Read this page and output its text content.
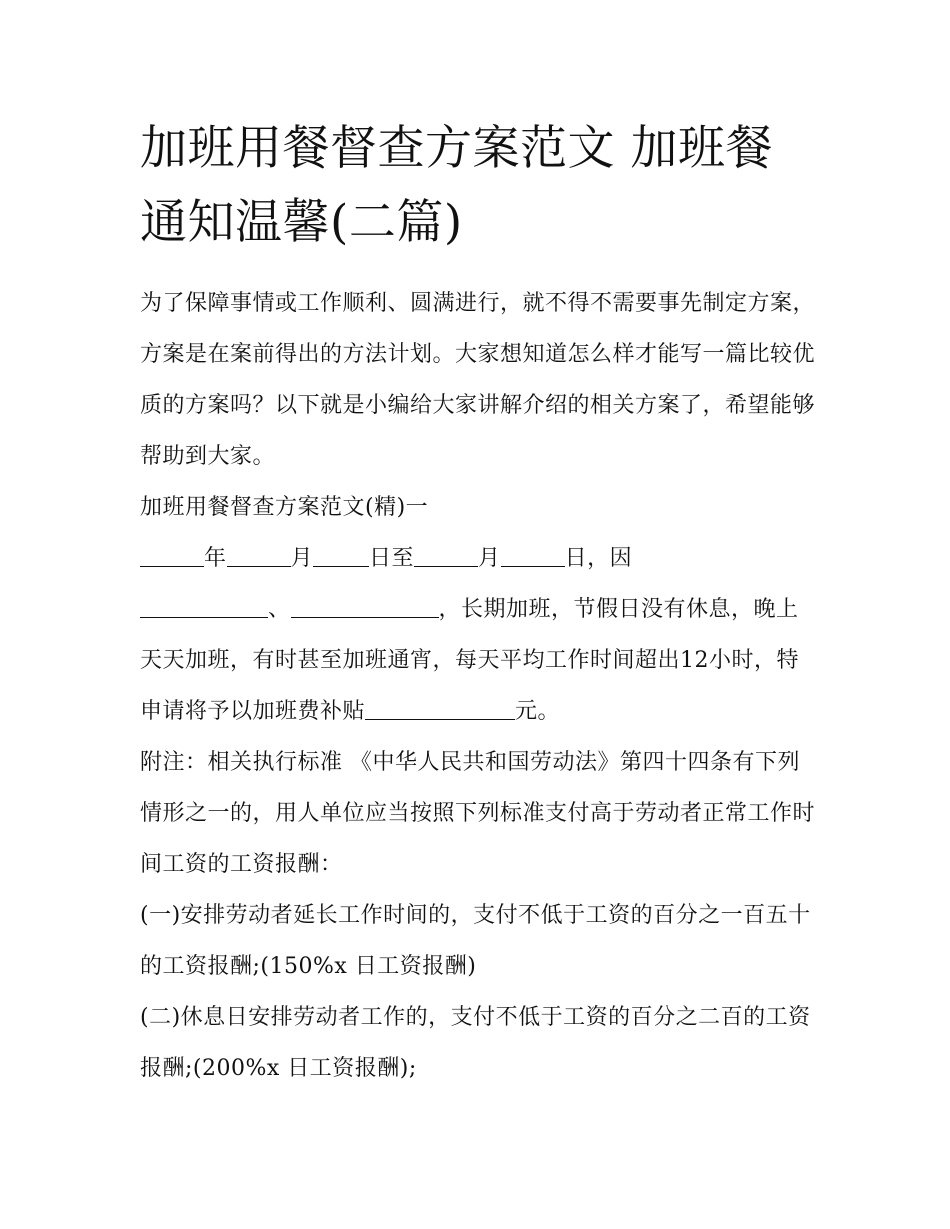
加班用餐督查方案范文 加班餐通知温馨(二篇)

为了保障事情或工作顺利、圆满进行，就不得不需要事先制定方案，方案是在案前得出的方法计划。大家想知道怎么样才能写一篇比较优质的方案吗？以下就是小编给大家讲解介绍的相关方案了，希望能够帮助到大家。

加班用餐督查方案范文(精)一

年	月	日至	月	日，因

、	，长期加班，节假日没有休息，晚上天天加班，有时甚至加班通宵，每天平均工作时间超出12小时，特申请将予以加班费补贴	元。

附注：相关执行标准 《中华人民共和国劳动法》第四十四条有下列情形之一的，用人单位应当按照下列标准支付高于劳动者正常工作时间工资的工资报酬：

(一)安排劳动者延长工作时间的，支付不低于工资的百分之一百五十的工资报酬;(150%x 日工资报酬)

(二)休息日安排劳动者工作的，支付不低于工资的百分之二百的工资报酬;(200%x 日工资报酬);
